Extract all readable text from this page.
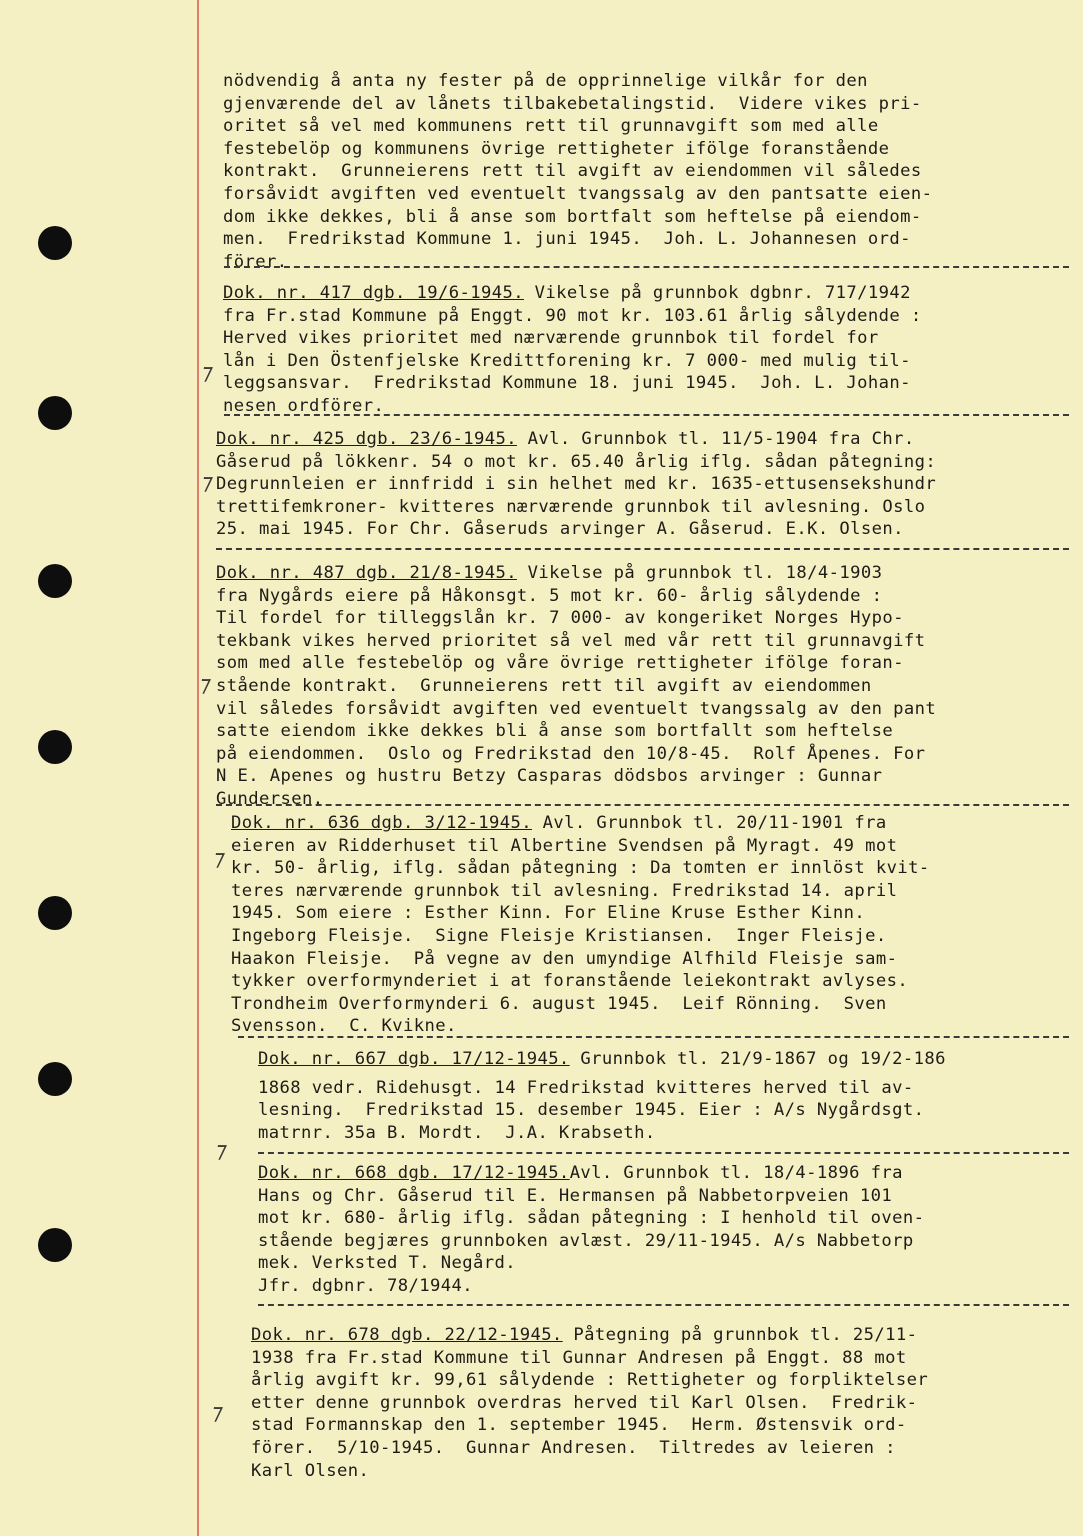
nödvendig å anta ny fester på de opprinnelige vilkår for den
gjenværende del av lånets tilbakebetalingstid.  Videre vikes pri-
oritet så vel med kommunens rett til grunnavgift som med alle
festebelöp og kommunens övrige rettigheter ifölge foranstående
kontrakt.  Grunneierens rett til avgift av eiendommen vil således
forsåvidt avgiften ved eventuelt tvangssalg av den pantsatte eien-
dom ikke dekkes, bli å anse som bortfalt som heftelse på eiendom-
men.  Fredrikstad Kommune 1. juni 1945.  Joh. L. Johannesen ord-
förer.
Dok. nr. 417 dgb. 19/6-1945. Vikelse på grunnbok dgbnr. 717/1942
fra Fr.stad Kommune på Enggt. 90 mot kr. 103.61 årlig sålydende :
Herved vikes prioritet med nærværende grunnbok til fordel for
lån i Den Östenfjelske Kredittforening kr. 7 000- med mulig til-
leggsansvar.  Fredrikstad Kommune 18. juni 1945.  Joh. L. Johan-
nesen ordförer.
⁊
Dok. nr. 425 dgb. 23/6-1945. Avl. Grunnbok tl. 11/5-1904 fra Chr.
Gåserud på lökkenr. 54 o mot kr. 65.40 årlig iflg. sådan påtegning:
Degrunnleien er innfridd i sin helhet med kr. 1635-ettusensekshundr
trettifemkroner- kvitteres nærværende grunnbok til avlesning. Oslo
25. mai 1945. For Chr. Gåseruds arvinger A. Gåserud. E.K. Olsen.
⁊
Dok. nr. 487 dgb. 21/8-1945. Vikelse på grunnbok tl. 18/4-1903
fra Nygårds eiere på Håkonsgt. 5 mot kr. 60- årlig sålydende :
Til fordel for tilleggslån kr. 7 000- av kongeriket Norges Hypo-
tekbank vikes herved prioritet så vel med vår rett til grunnavgift
som med alle festebelöp og våre övrige rettigheter ifölge foran-
stående kontrakt.  Grunneierens rett til avgift av eiendommen
vil således forsåvidt avgiften ved eventuelt tvangssalg av den pant
satte eiendom ikke dekkes bli å anse som bortfallt som heftelse
på eiendommen.  Oslo og Fredrikstad den 10/8-45.  Rolf Åpenes. For
N E. Apenes og hustru Betzy Casparas dödsbos arvinger : Gunnar
Gundersen.
⁊
Dok. nr. 636 dgb. 3/12-1945. Avl. Grunnbok tl. 20/11-1901 fra
eieren av Ridderhuset til Albertine Svendsen på Myragt. 49 mot
kr. 50- årlig, iflg. sådan påtegning : Da tomten er innlöst kvit-
teres nærværende grunnbok til avlesning. Fredrikstad 14. april
1945. Som eiere : Esther Kinn. For Eline Kruse Esther Kinn.
Ingeborg Fleisje.  Signe Fleisje Kristiansen.  Inger Fleisje.
Haakon Fleisje.  På vegne av den umyndige Alfhild Fleisje sam-
tykker overformynderiet i at foranstående leiekontrakt avlyses.
Trondheim Overformynderi 6. august 1945.  Leif Rönning.  Sven
Svensson.  C. Kvikne.
⁊
Dok. nr. 667 dgb. 17/12-1945. Grunnbok tl. 21/9-1867 og 19/2-186
1868 vedr. Ridehusgt. 14 Fredrikstad kvitteres herved til av-
lesning.  Fredrikstad 15. desember 1945. Eier : A/s Nygårdsgt.
matrnr. 35a B. Mordt.  J.A. Krabseth.
⁊
Dok. nr. 668 dgb. 17/12-1945.Avl. Grunnbok tl. 18/4-1896 fra
Hans og Chr. Gåserud til E. Hermansen på Nabbetorpveien 101
mot kr. 680- årlig iflg. sådan påtegning : I henhold til oven-
stående begjæres grunnboken avlæst. 29/11-1945. A/s Nabbetorp
mek. Verksted T. Negård.
Jfr. dgbnr. 78/1944.
Dok. nr. 678 dgb. 22/12-1945. Påtegning på grunnbok tl. 25/11-
1938 fra Fr.stad Kommune til Gunnar Andresen på Enggt. 88 mot
årlig avgift kr. 99,61 sålydende : Rettigheter og forpliktelser
etter denne grunnbok overdras herved til Karl Olsen.  Fredrik-
stad Formannskap den 1. september 1945.  Herm. Østensvik ord-
förer.  5/10-1945.  Gunnar Andresen.  Tiltredes av leieren :
Karl Olsen.
⁊
